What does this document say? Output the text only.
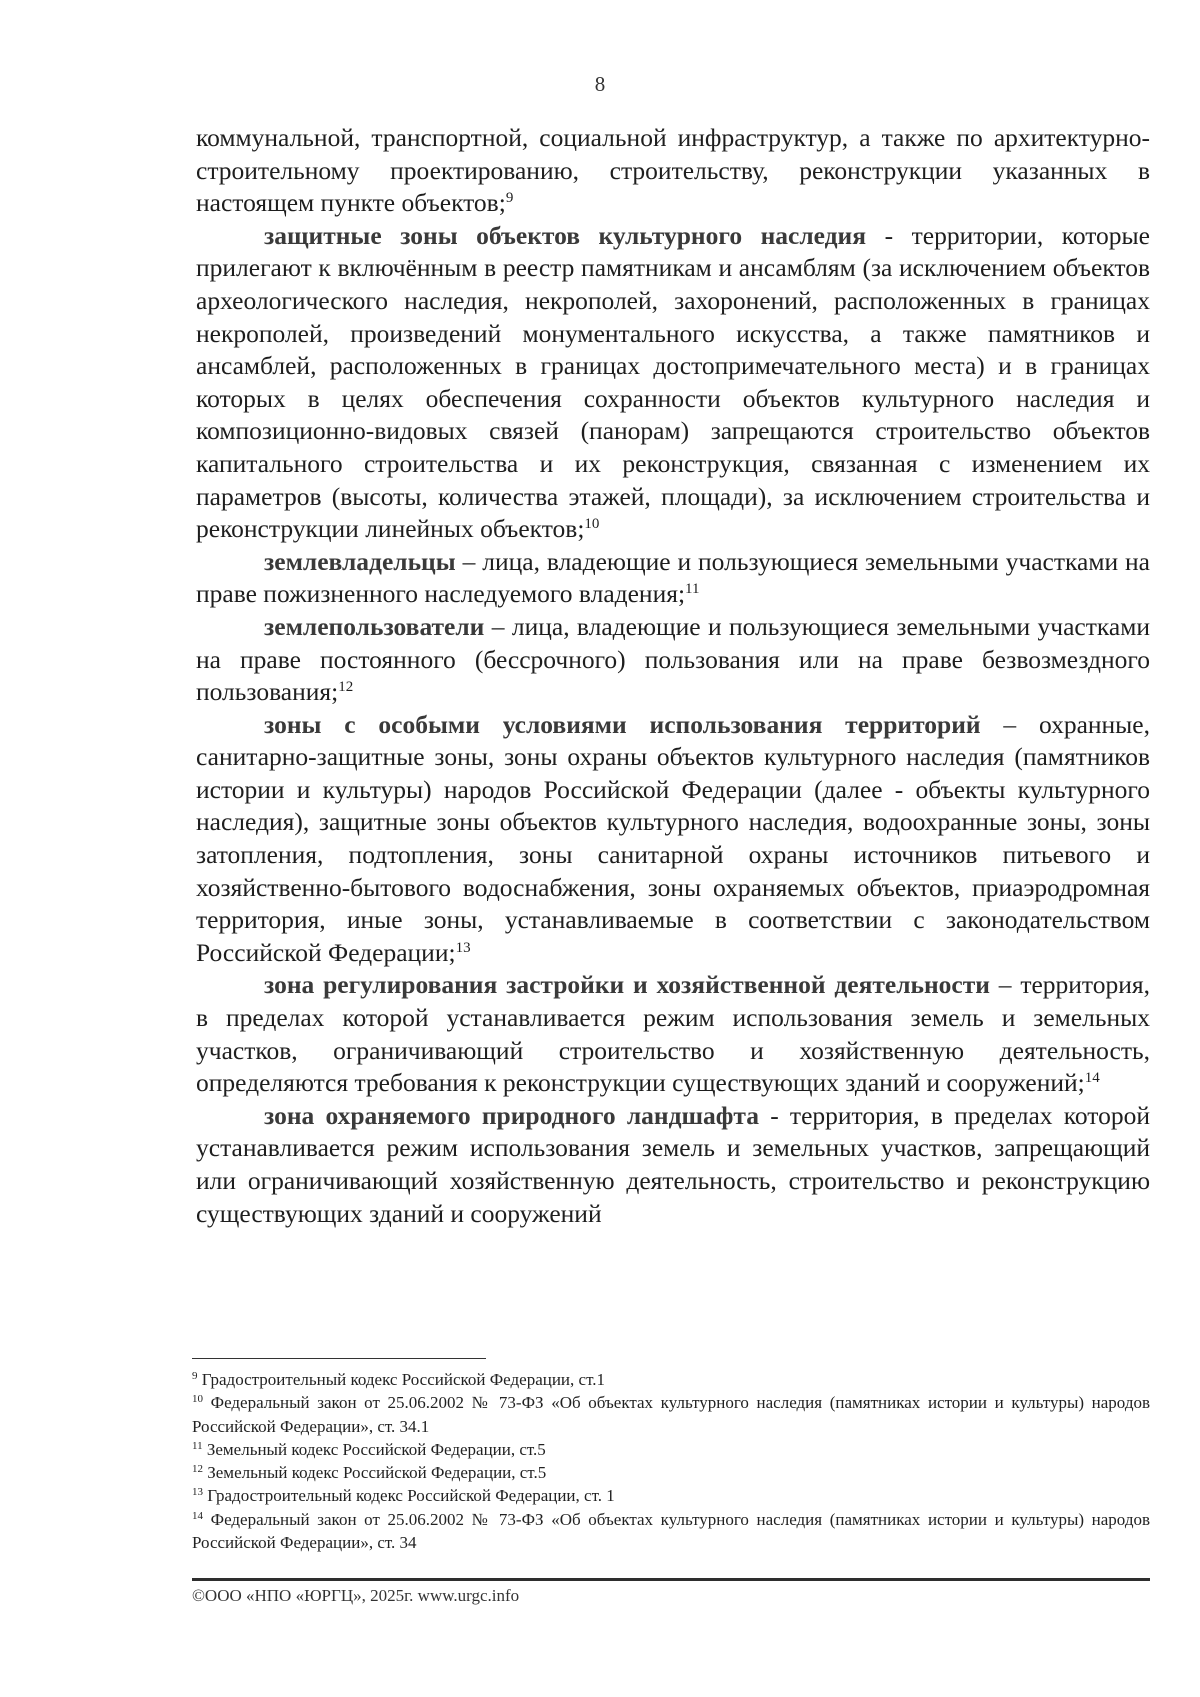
8

коммунальной, транспортной, социальной инфраструктур, а также по архитектурно-строительному проектированию, строительству, реконструкции указанных в настоящем пункте объектов;$^9$

защитные зоны объектов культурного наследия - территории, которые прилегают к включённым в реестр памятникам и ансамблям (за исключением объектов археологического наследия, некрополей, захоронений, расположенных в границах некрополей, произведений монументального искусства, а также памятников и ансамблей, расположенных в границах достопримечательного места) и в границах которых в целях обеспечения сохранности объектов культурного наследия и композиционно-видовых связей (панорам) запрещаются строительство объектов капитального строительства и их реконструкция, связанная с изменением их параметров (высоты, количества этажей, площади), за исключением строительства и реконструкции линейных объектов;$^{10}$

землевладельцы – лица, владеющие и пользующиеся земельными участками на праве пожизненного наследуемого владения;$^{11}$

землепользователи – лица, владеющие и пользующиеся земельными участками на праве постоянного (бессрочного) пользования или на праве безвозмездного пользования;$^{12}$

зоны с особыми условиями использования территорий – охранные, санитарно-защитные зоны, зоны охраны объектов культурного наследия (памятников истории и культуры) народов Российской Федерации (далее - объекты культурного наследия), защитные зоны объектов культурного наследия, водоохранные зоны, зоны затопления, подтопления, зоны санитарной охраны источников питьевого и хозяйственно-бытового водоснабжения, зоны охраняемых объектов, приаэродромная территория, иные зоны, устанавливаемые в соответствии с законодательством Российской Федерации;$^{13}$

зона регулирования застройки и хозяйственной деятельности – территория, в пределах которой устанавливается режим использования земель и земельных участков, ограничивающий строительство и хозяйственную деятельность, определяются требования к реконструкции существующих зданий и сооружений;$^{14}$

зона охраняемого природного ландшафта - территория, в пределах которой устанавливается режим использования земель и земельных участков, запрещающий или ограничивающий хозяйственную деятельность, строительство и реконструкцию существующих зданий и сооружений

$^9$ Градостроительный кодекс Российской Федерации, ст.1

$^{10}$ Федеральный закон от 25.06.2002 № 73-ФЗ «Об объектах культурного наследия (памятниках истории и культуры) народов Российской Федерации», ст. 34.1

$^{11}$ Земельный кодекс Российской Федерации, ст.5

$^{12}$ Земельный кодекс Российской Федерации, ст.5

$^{13}$ Градостроительный кодекс Российской Федерации, ст. 1

$^{14}$ Федеральный закон от 25.06.2002 № 73-ФЗ «Об объектах культурного наследия (памятниках истории и культуры) народов Российской Федерации», ст. 34

©ООО «НПО «ЮРГЦ», 2025г. www.urgc.info
